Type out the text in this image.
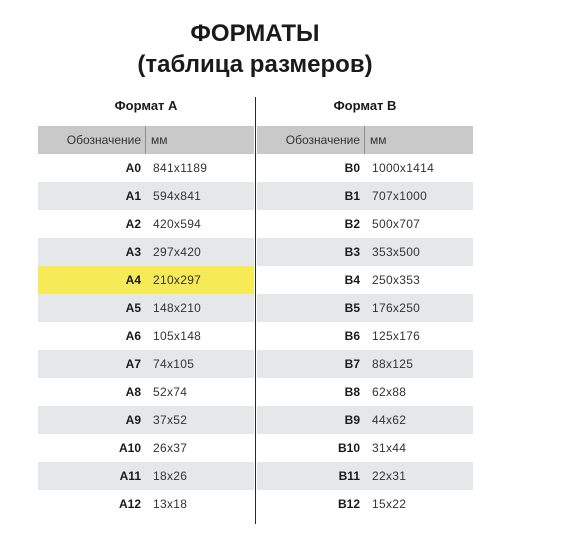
ФОРМАТЫ
(таблица размеров)
Формат А
Обозначение мм
A0	841x1189
A1	594x841
A2	420x594
A3	297x420
A4	210x297
A5	148x210
A6	105x148
A7	74x105
A8	52x74
A9	37x52
A10	26x37
A11	18x26
A12	13x18
Формат В
Обозначение мм
B0	1000x1414
B1	707x1000
B2	500x707
B3	353x500
B4	250x353
B5	176x250
B6	125x176
B7	88x125
B8	62x88
B9	44x62
B10	31x44
B11	22x31
B12	15x22
